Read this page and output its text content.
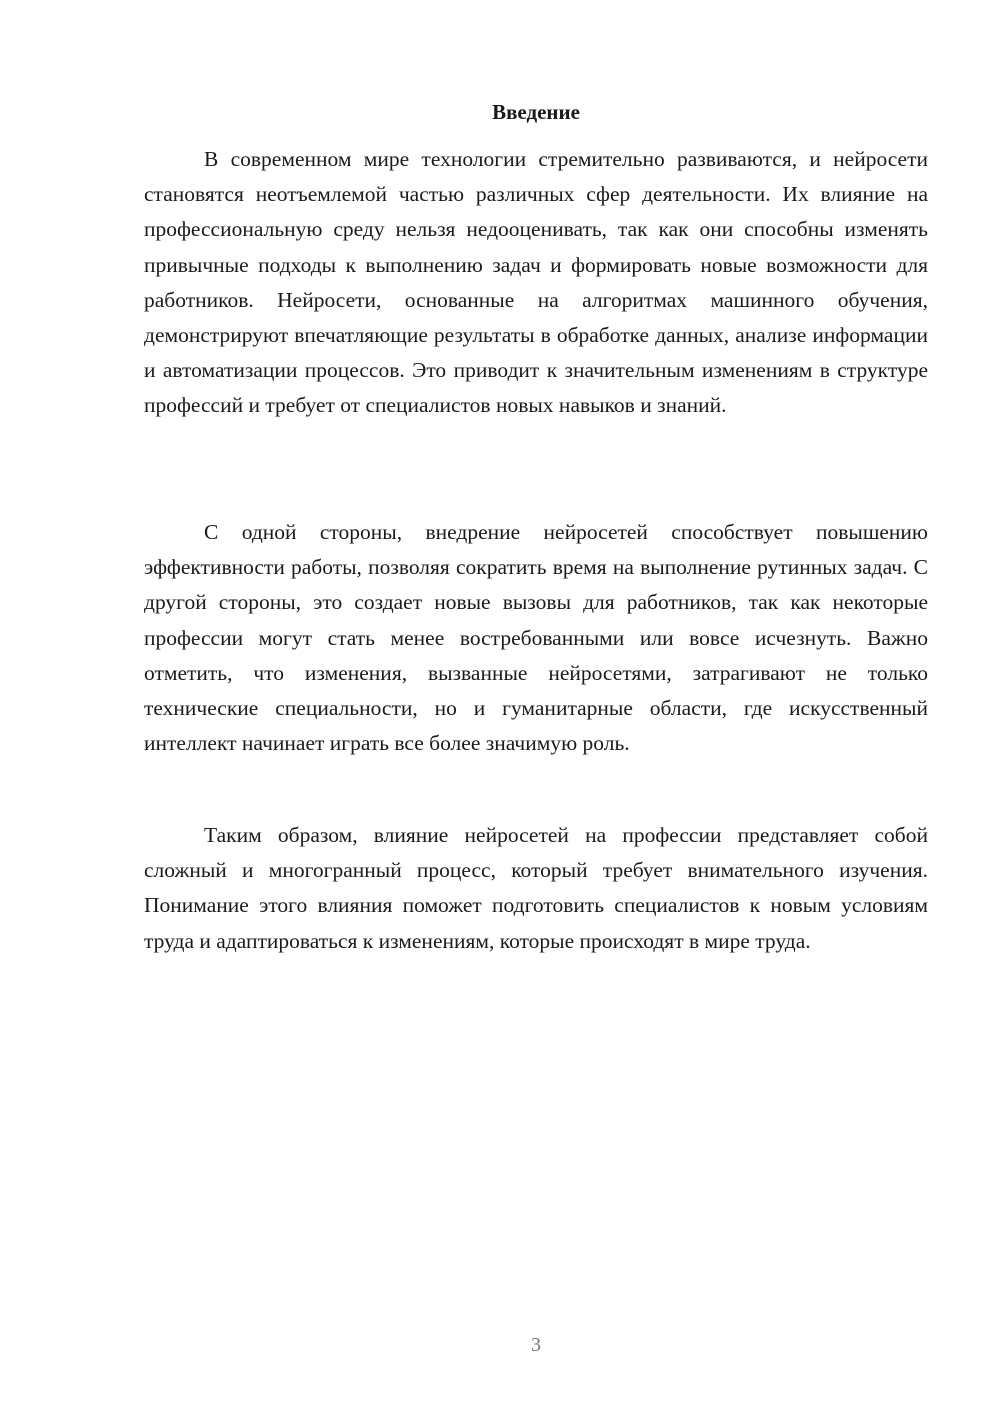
Введение

В современном мире технологии стремительно развиваются, и нейросети становятся неотъемлемой частью различных сфер деятельности. Их влияние на профессиональную среду нельзя недооценивать, так как они способны изменять привычные подходы к выполнению задач и формировать новые возможности для работников. Нейросети, основанные на алгоритмах машинного обучения, демонстрируют впечатляющие результаты в обработке данных, анализе информации и автоматизации процессов. Это приводит к значительным изменениям в структуре профессий и требует от специалистов новых навыков и знаний.

С одной стороны, внедрение нейросетей способствует повышению эффективности работы, позволяя сократить время на выполнение рутинных задач. С другой стороны, это создает новые вызовы для работников, так как некоторые профессии могут стать менее востребованными или вовсе исчезнуть. Важно отметить, что изменения, вызванные нейросетями, затрагивают не только технические специальности, но и гуманитарные области, где искусственный интеллект начинает играть все более значимую роль.

Таким образом, влияние нейросетей на профессии представляет собой сложный и многогранный процесс, который требует внимательного изучения. Понимание этого влияния поможет подготовить специалистов к новым условиям труда и адаптироваться к изменениям, которые происходят в мире труда.

3
